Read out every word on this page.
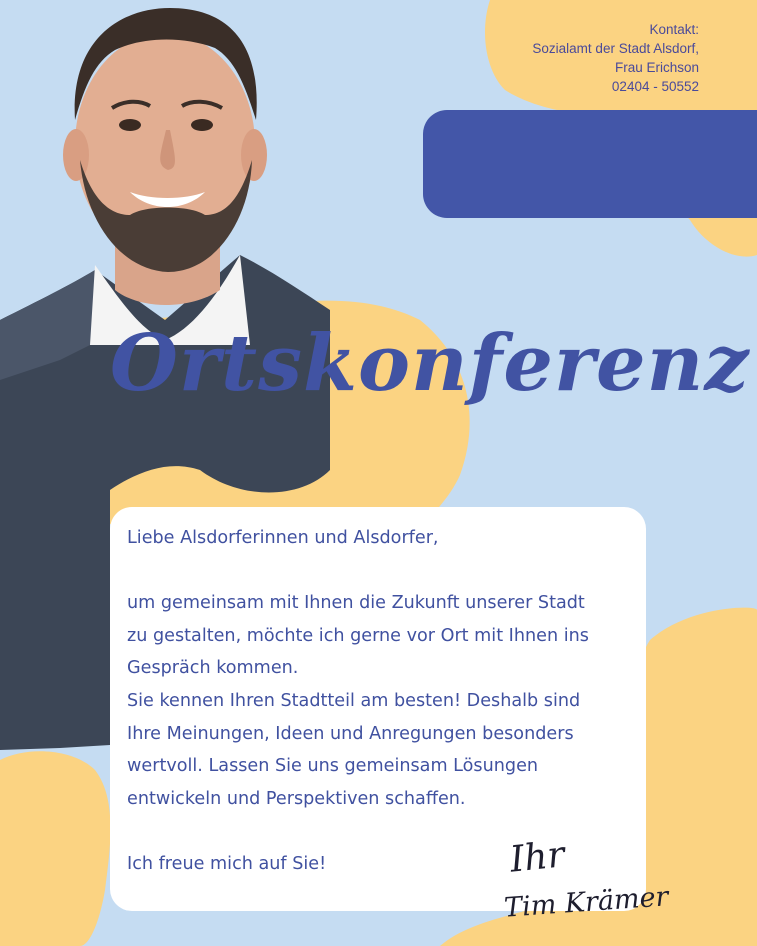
Kontakt:
Sozialamt der Stadt Alsdorf,
Frau Erichson
02404 - 50552
Ortskonferenz

Liebe Alsdorferinnen und Alsdorfer,

um gemeinsam mit Ihnen die Zukunft unserer Stadt

zu gestalten, möchte ich gerne vor Ort mit Ihnen ins

Gespräch kommen.

Sie kennen Ihren Stadtteil am besten! Deshalb sind

Ihre Meinungen, Ideen und Anregungen besonders

wertvoll. Lassen Sie uns gemeinsam Lösungen

entwickeln und Perspektiven schaffen.

Ich freue mich auf Sie!	Ihr
Tim Krämer
